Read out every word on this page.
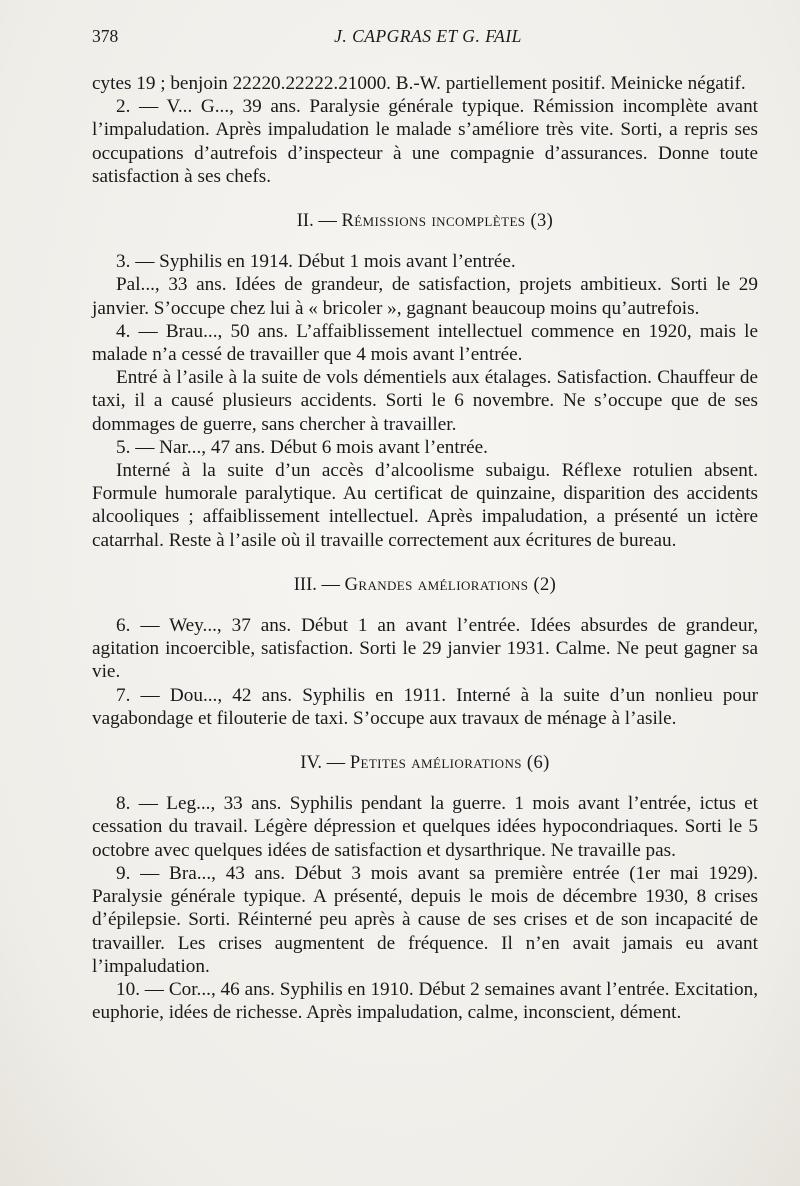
378	J. CAPGRAS ET G. FAIL

cytes 19 ; benjoin 22220.22222.21000. B.-W. partiellement positif. Meinicke négatif.

2. — V... G..., 39 ans. Paralysie générale typique. Rémission incomplète avant l’impaludation. Après impaludation le malade s’améliore très vite. Sorti, a repris ses occupations d’autrefois d’inspecteur à une compagnie d’assurances. Donne toute satisfaction à ses chefs.

II. — Rémissions incomplètes (3)

3. — Syphilis en 1914. Début 1 mois avant l’entrée.

Pal..., 33 ans. Idées de grandeur, de satisfaction, projets ambitieux. Sorti le 29 janvier. S’occupe chez lui à « bricoler », gagnant beaucoup moins qu’autrefois.

4. — Brau..., 50 ans. L’affaiblissement intellectuel commence en 1920, mais le malade n’a cessé de travailler que 4 mois avant l’entrée.

Entré à l’asile à la suite de vols démentiels aux étalages. Satisfaction. Chauffeur de taxi, il a causé plusieurs accidents. Sorti le 6 novembre. Ne s’occupe que de ses dommages de guerre, sans chercher à travailler.

5. — Nar..., 47 ans. Début 6 mois avant l’entrée.

Interné à la suite d’un accès d’alcoolisme subaigu. Réflexe rotulien absent. Formule humorale paralytique. Au certificat de quinzaine, disparition des accidents alcooliques ; affaiblissement intellectuel. Après impaludation, a présenté un ictère catarrhal. Reste à l’asile où il travaille correctement aux écritures de bureau.

III. — Grandes améliorations (2)

6. — Wey..., 37 ans. Début 1 an avant l’entrée. Idées absurdes de grandeur, agitation incoercible, satisfaction. Sorti le 29 janvier 1931. Calme. Ne peut gagner sa vie.

7. — Dou..., 42 ans. Syphilis en 1911. Interné à la suite d’un nonlieu pour vagabondage et filouterie de taxi. S’occupe aux travaux de ménage à l’asile.

IV. — Petites améliorations (6)

8. — Leg..., 33 ans. Syphilis pendant la guerre. 1 mois avant l’entrée, ictus et cessation du travail. Légère dépression et quelques idées hypocondriaques. Sorti le 5 octobre avec quelques idées de satisfaction et dysarthrique. Ne travaille pas.

9. — Bra..., 43 ans. Début 3 mois avant sa première entrée (1er mai 1929). Paralysie générale typique. A présenté, depuis le mois de décembre 1930, 8 crises d’épilepsie. Sorti. Réinterné peu après à cause de ses crises et de son incapacité de travailler. Les crises augmentent de fréquence. Il n’en avait jamais eu avant l’impaludation.

10. — Cor..., 46 ans. Syphilis en 1910. Début 2 semaines avant l’entrée. Excitation, euphorie, idées de richesse. Après impaludation, calme, inconscient, dément.
